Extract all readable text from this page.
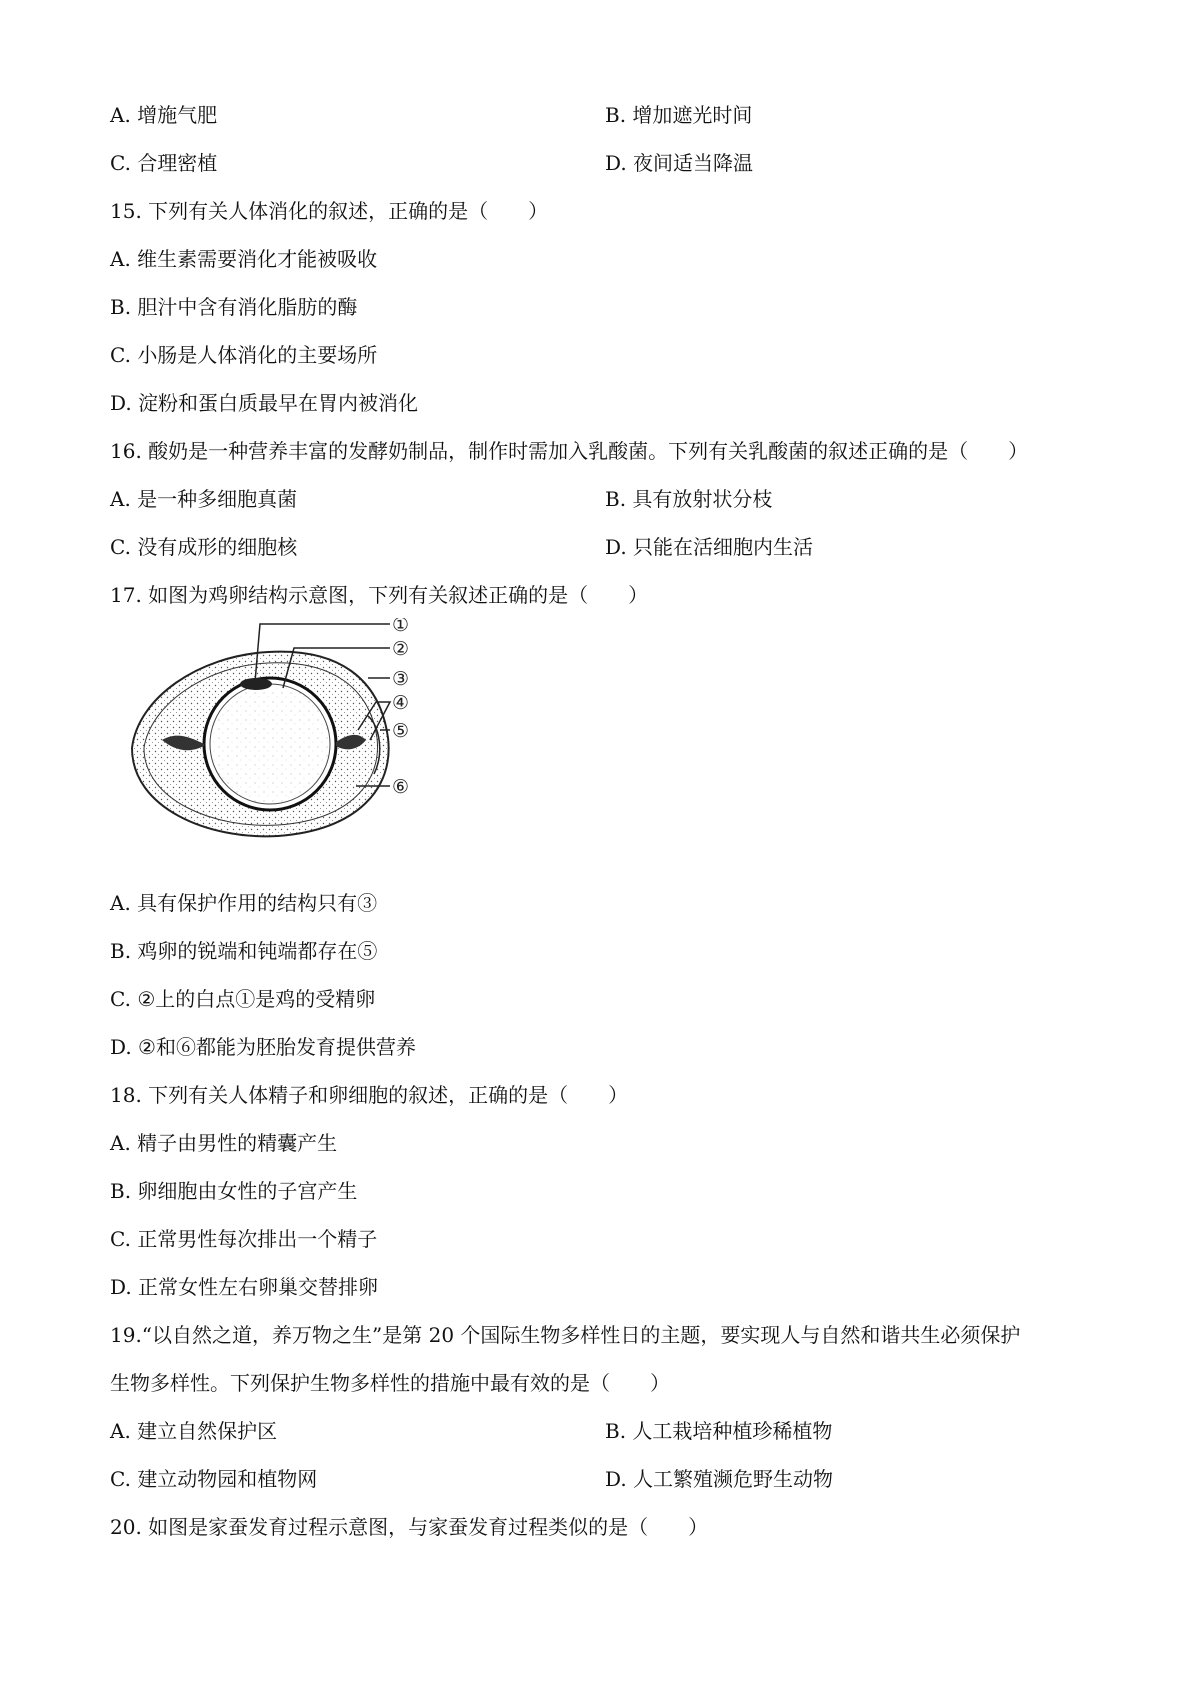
A. 增施气肥	B. 增加遮光时间
C. 合理密植	D. 夜间适当降温
15. 下列有关人体消化的叙述，正确的是（　　）
A. 维生素需要消化才能被吸收
B. 胆汁中含有消化脂肪的酶
C. 小肠是人体消化的主要场所
D. 淀粉和蛋白质最早在胃内被消化
16. 酸奶是一种营养丰富的发酵奶制品，制作时需加入乳酸菌。下列有关乳酸菌的叙述正确的是（　　）
A. 是一种多细胞真菌	B. 具有放射状分枝
C. 没有成形的细胞核	D. 只能在活细胞内生活
17. 如图为鸡卵结构示意图，下列有关叙述正确的是（　　）
①
②
③
④
⑤
⑥
A. 具有保护作用的结构只有③
B. 鸡卵的锐端和钝端都存在⑤
C. ②上的白点①是鸡的受精卵
D. ②和⑥都能为胚胎发育提供营养
18. 下列有关人体精子和卵细胞的叙述，正确的是（　　）
A. 精子由男性的精囊产生
B. 卵细胞由女性的子宫产生
C. 正常男性每次排出一个精子
D. 正常女性左右卵巢交替排卵
19.“以自然之道，养万物之生”是第 20 个国际生物多样性日的主题，要实现人与自然和谐共生必须保护
生物多样性。下列保护生物多样性的措施中最有效的是（　　）
A. 建立自然保护区	B. 人工栽培种植珍稀植物
C. 建立动物园和植物网	D. 人工繁殖濒危野生动物
20. 如图是家蚕发育过程示意图，与家蚕发育过程类似的是（　　）
